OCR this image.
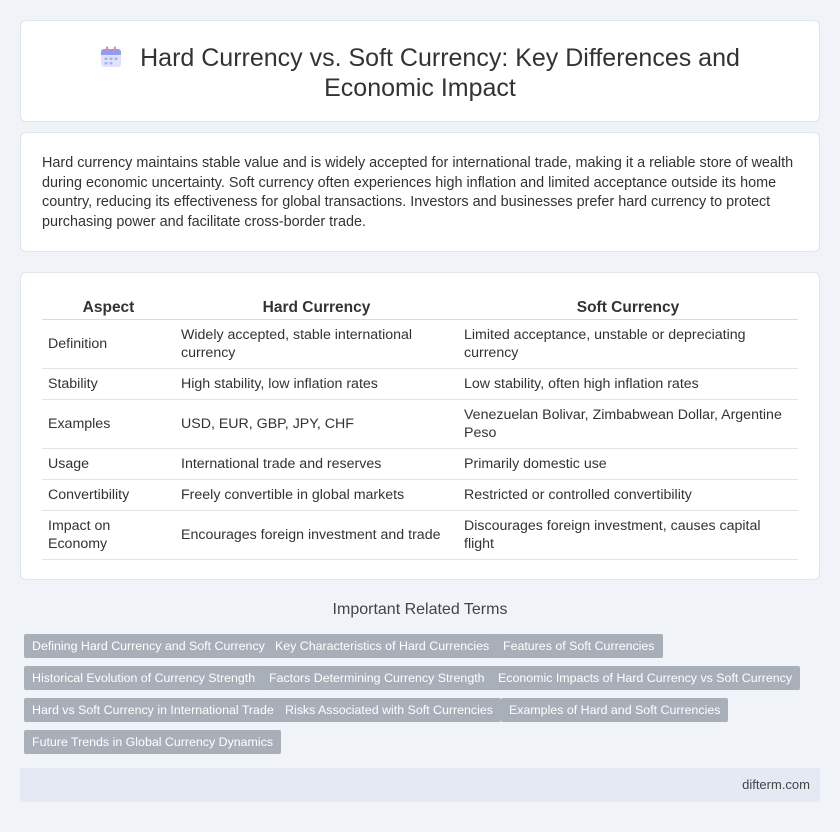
Hard Currency vs. Soft Currency: Key Differences and Economic Impact

Hard currency maintains stable value and is widely accepted for international trade, making it a reliable store of wealth during economic uncertainty. Soft currency often experiences high inflation and limited acceptance outside its home country, reducing its effectiveness for global transactions. Investors and businesses prefer hard currency to protect purchasing power and facilitate cross-border trade.

Aspect	Hard Currency	Soft Currency
Definition	Widely accepted, stable international currency	Limited acceptance, unstable or depreciating currency
Stability	High stability, low inflation rates	Low stability, often high inflation rates
Examples	USD, EUR, GBP, JPY, CHF	Venezuelan Bolivar, Zimbabwean Dollar, Argentine Peso
Usage	International trade and reserves	Primarily domestic use
Convertibility	Freely convertible in global markets	Restricted or controlled convertibility
Impact on Economy	Encourages foreign investment and trade	Discourages foreign investment, causes capital flight
Important Related Terms
Defining Hard Currency and Soft Currency Key Characteristics of Hard Currencies	Features of Soft Currencies
Historical Evolution of Currency Strength	Factors Determining Currency Strength	Economic Impacts of Hard Currency vs Soft Currency
Hard vs Soft Currency in International Trade Risks Associated with Soft Currencies	Examples of Hard and Soft Currencies
Future Trends in Global Currency Dynamics
difterm.com
